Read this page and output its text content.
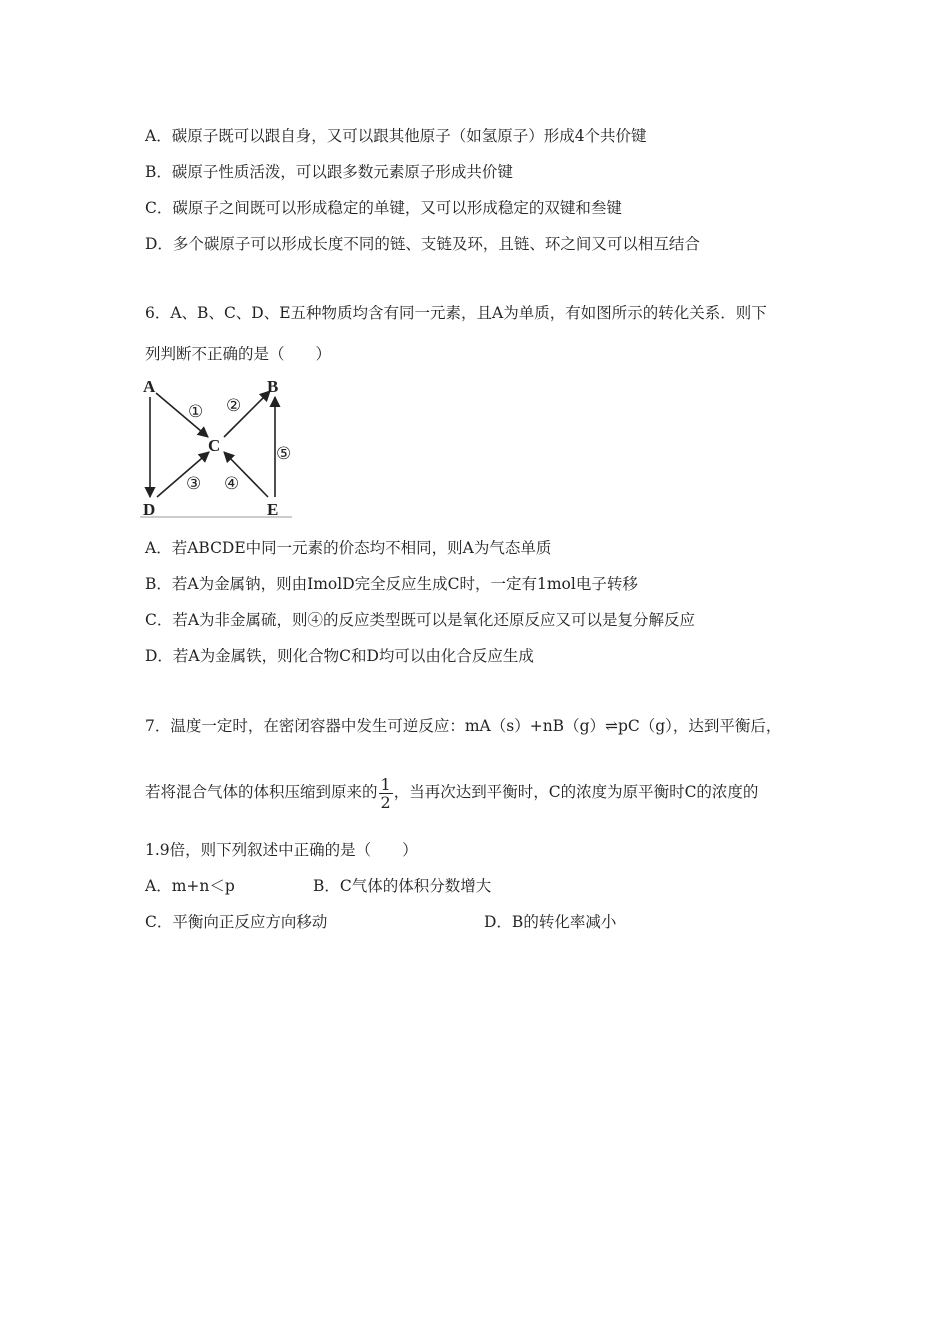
A．碳原子既可以跟自身，又可以跟其他原子（如氢原子）形成4个共价键
B．碳原子性质活泼，可以跟多数元素原子形成共价键
C．碳原子之间既可以形成稳定的单键，又可以形成稳定的双键和叁键
D．多个碳原子可以形成长度不同的链、支链及环，且链、环之间又可以相互结合
6．A、B、C、D、E五种物质均含有同一元素，且A为单质，有如图所示的转化关系．则下
列判断不正确的是（　　）
A	B
C
D	E
① ②
③ ④
⑤
A．若ABCDE中同一元素的价态均不相同，则A为气态单质
B．若A为金属钠，则由ImolD完全反应生成C时，一定有1mol电子转移
C．若A为非金属硫，则④的反应类型既可以是氧化还原反应又可以是复分解反应
D．若A为金属铁，则化合物C和D均可以由化合反应生成
7．温度一定时，在密闭容器中发生可逆反应：mA（s）+nB（g）⇌pC（g），达到平衡后，
若将混合气体的体积压缩到原来的 $\frac{1}{2}$ ，当再次达到平衡时，C的浓度为原平衡时C的浓度的
1.9倍，则下列叙述中正确的是（　　）
A．m+n＜p	B．C气体的体积分数增大
C．平衡向正反应方向移动	D．B的转化率减小
